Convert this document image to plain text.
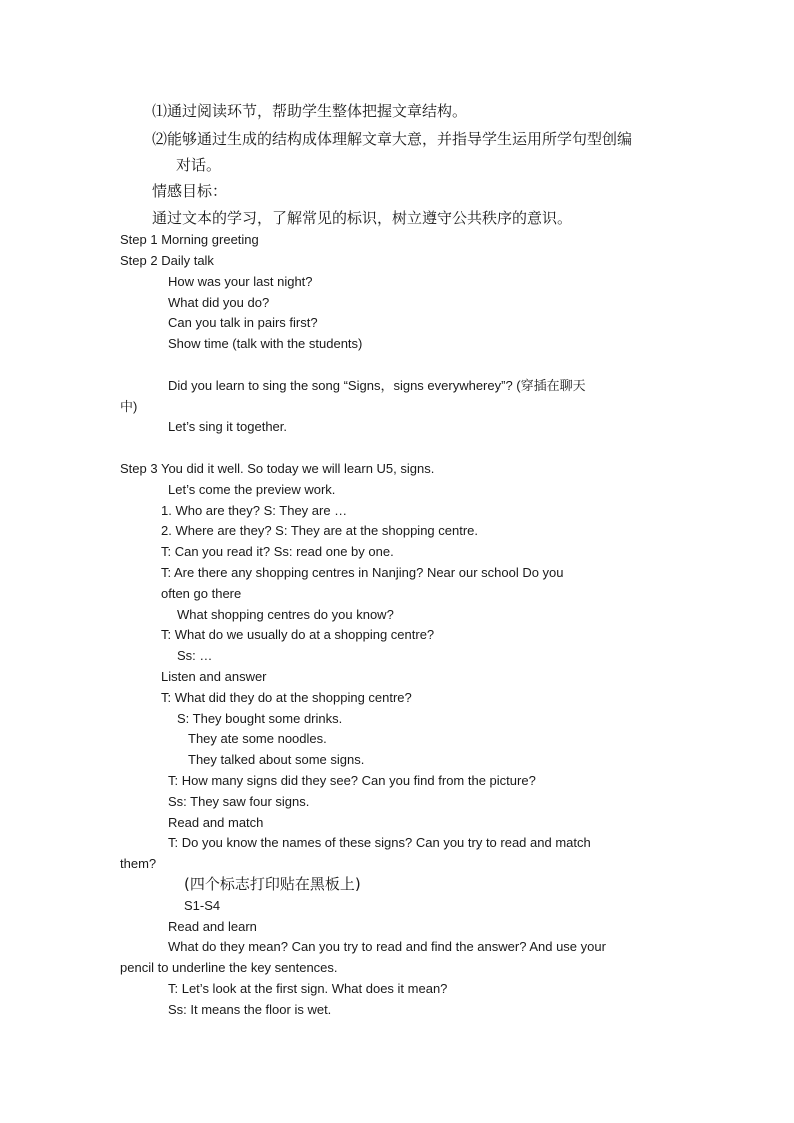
⑴通过阅读环节，帮助学生整体把握文章结构。
⑵能够通过生成的结构成体理解文章大意，并指导学生运用所学句型创编
对话。
情感目标：
通过文本的学习，了解常见的标识，树立遵守公共秩序的意识。
Step 1 Morning greeting
Step 2 Daily talk
How was your last night?
What did you do?
Can you talk in pairs first?
Show time (talk with the students)
Did you learn to sing the song “Signs，signs everywherey”? (穿插在聊天
中)
Let’s sing it together.
Step 3 You did it well. So today we will learn U5, signs.
Let’s come the preview work.
1. Who are they? S: They are …
2. Where are they? S: They are at the shopping centre.
T: Can you read it? Ss: read one by one.
T: Are there any shopping centres in Nanjing? Near our school Do you
often go there
What shopping centres do you know?
T: What do we usually do at a shopping centre?
Ss: …
Listen and answer
T: What did they do at the shopping centre?
S: They bought some drinks.
They ate some noodles.
They talked about some signs.
T: How many signs did they see? Can you find from the picture?
Ss: They saw four signs.
Read and match
T: Do you know the names of these signs? Can you try to read and match
them?
(四个标志打印贴在黑板上)
S1-S4
Read and learn
What do they mean? Can you try to read and find the answer? And use your
pencil to underline the key sentences.
T: Let’s look at the first sign. What does it mean?
Ss: It means the floor is wet.
